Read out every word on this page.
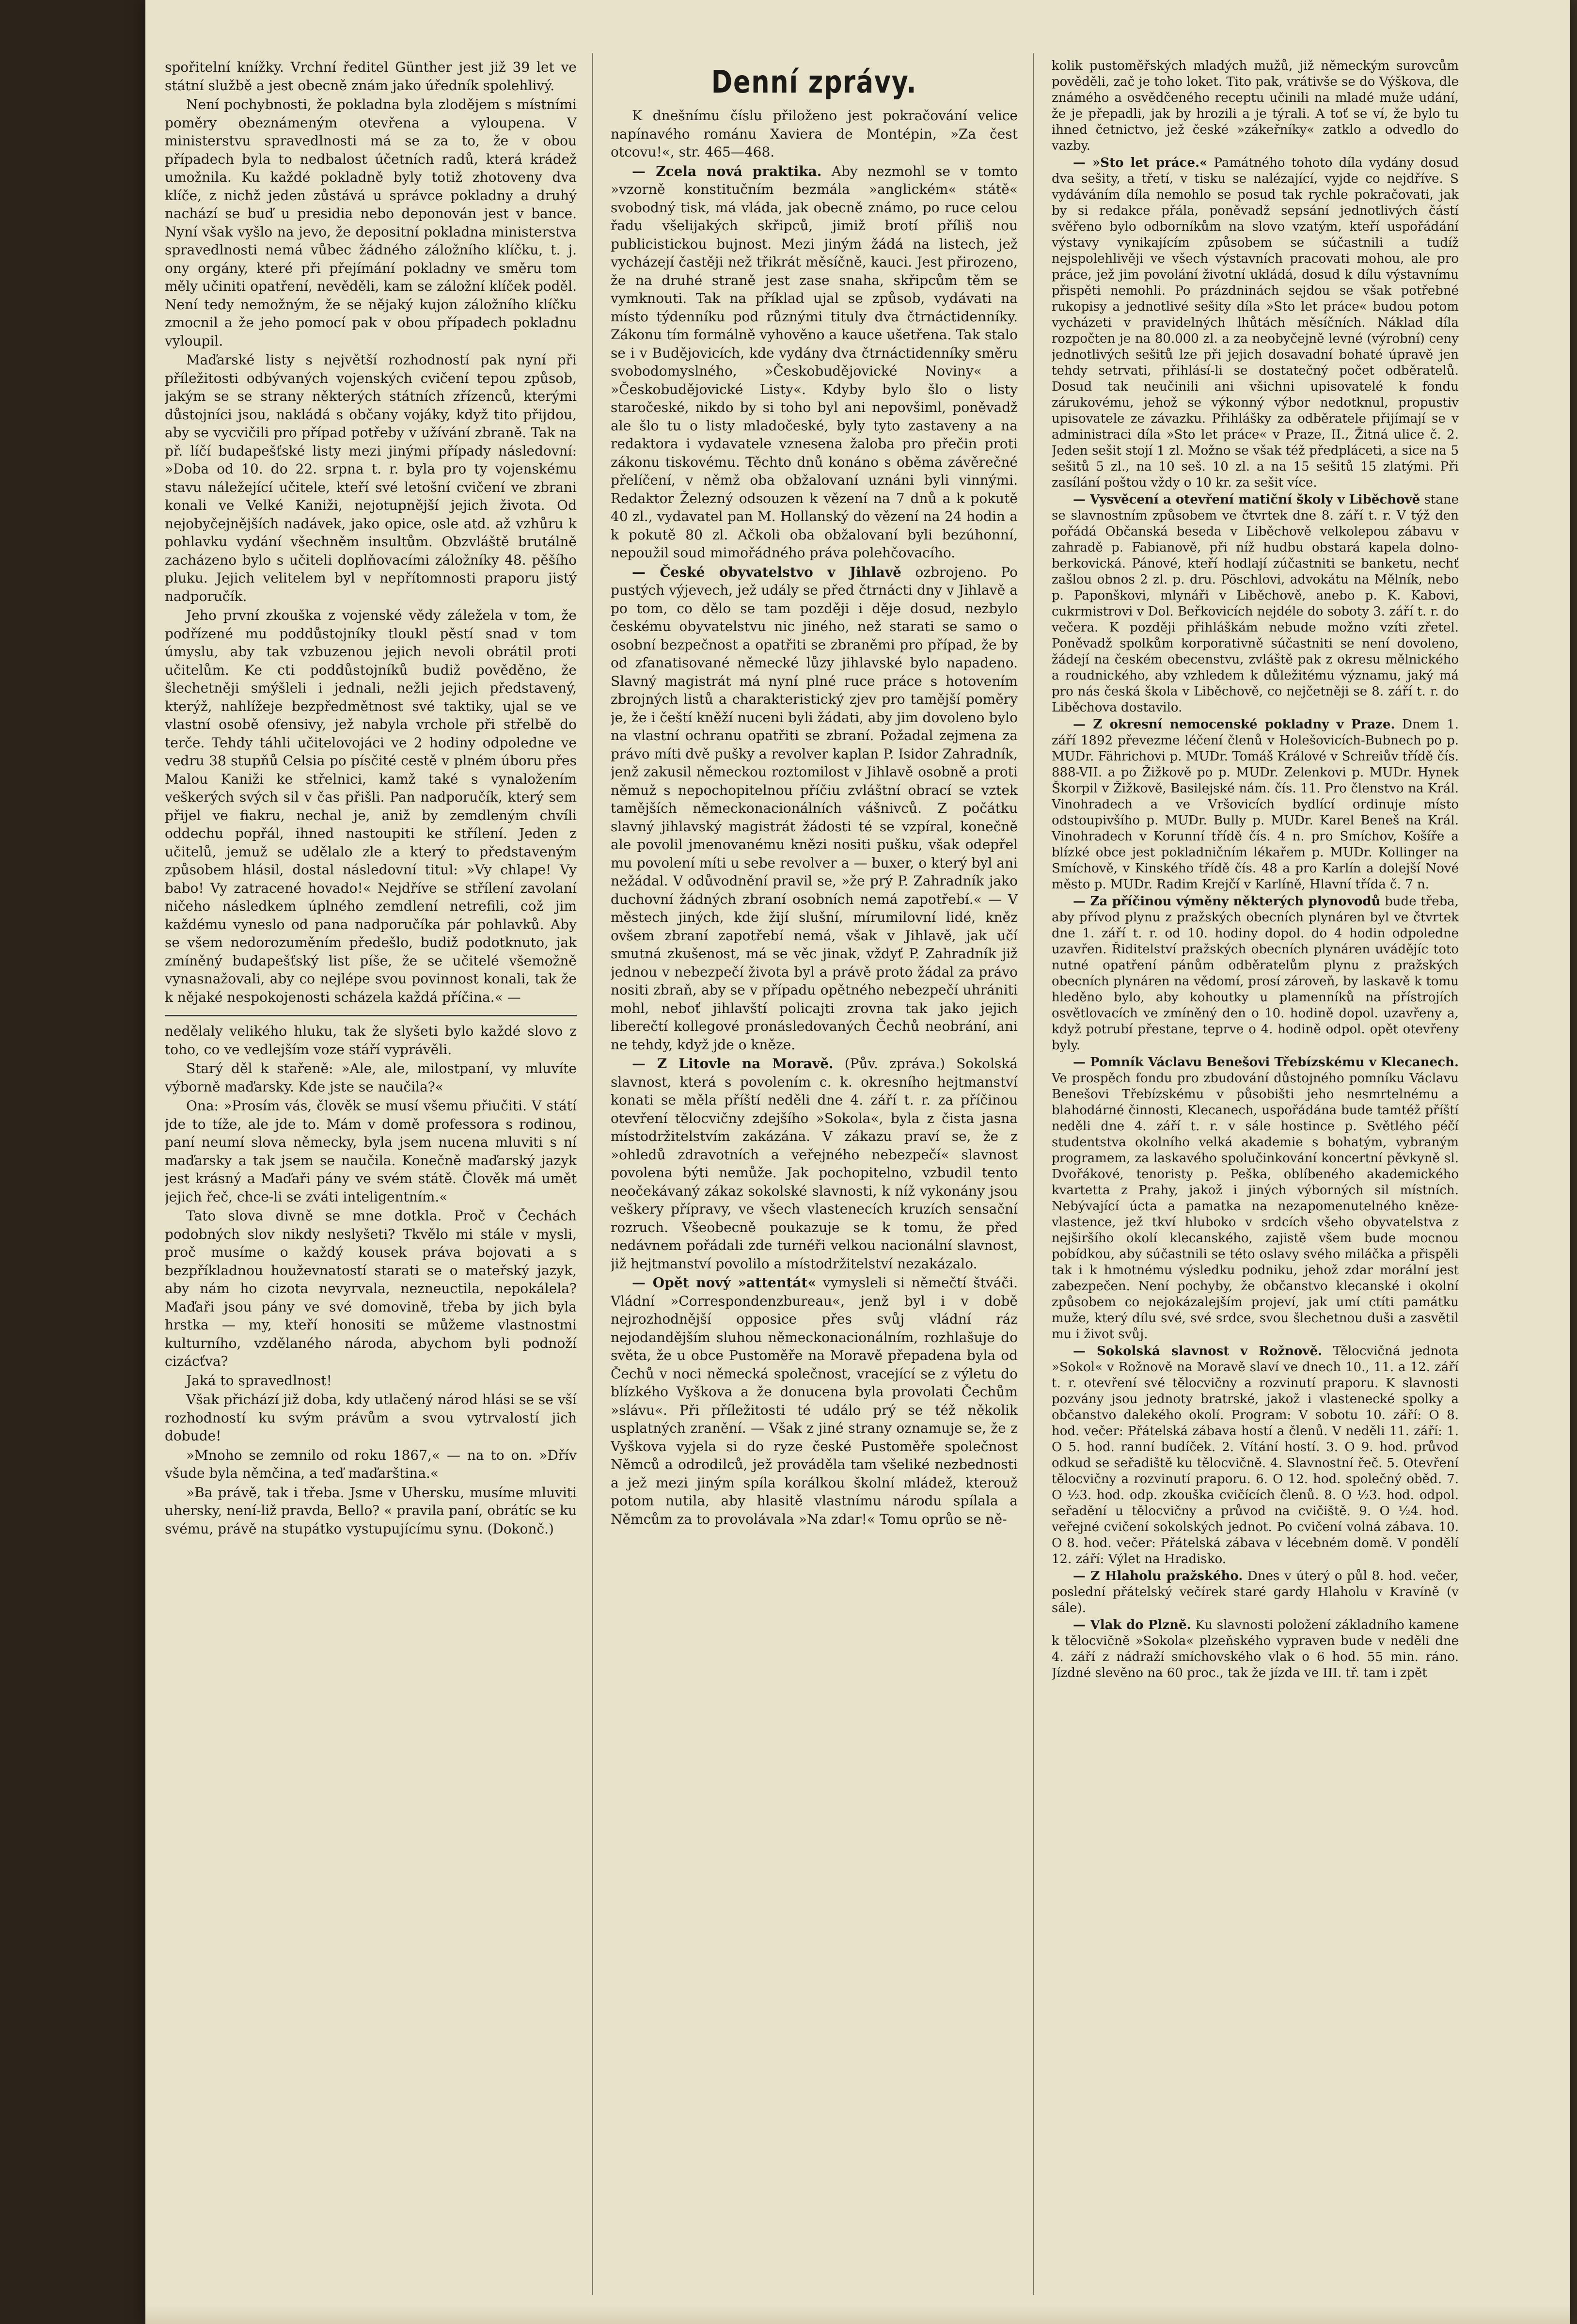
spořitelní knížky. Vrchní ředitel Günther jest již 39 let ve státní službě a jest obecně znám jako úředník spolehlivý.

Není pochybnosti, že pokladna byla zlodějem s místními poměry obeznámeným otevřena a vyloupena. V ministerstvu spravedlnosti má se za to, že v obou případech byla to nedbalost účetních radů, která krádež umožnila. Ku každé pokladně byly totiž zhotoveny dva klíče, z nichž jeden zůstává u správce pokladny a druhý nachází se buď u presidia nebo deponován jest v bance. Nyní však vyšlo na jevo, že depositní pokladna ministerstva spravedlnosti nemá vůbec žádného záložního klíčku, t. j. ony orgány, které při přejímání pokladny ve směru tom měly učiniti opatření, nevěděli, kam se záložní klíček poděl. Není tedy nemožným, že se nějaký kujon záložního klíčku zmocnil a že jeho pomocí pak v obou případech pokladnu vyloupil.

Maďarské listy s největší rozhodností pak nyní při příležitosti odbývaných vojenských cvičení tepou způsob, jakým se se strany některých státních zřízenců, kterými důstojníci jsou, nakládá s občany vojáky, když tito přijdou, aby se vycvičili pro případ potřeby v užívání zbraně. Tak na př. líčí budapešťské listy mezi jinými případy následovní: »Doba od 10. do 22. srpna t. r. byla pro ty vojenskému stavu náležející učitele, kteří své letošní cvičení ve zbrani konali ve Velké Kaniži, nejotupnější jejich života. Od nejobyčejnějších nadávek, jako opice, osle atd. až vzhůru k pohlavku vydání všechněm insultům. Obzvláště brutálně zacházeno bylo s učiteli doplňovacími záložníky 48. pěšího pluku. Jejich velitelem byl v nepřítomnosti praporu jistý nadporučík.

Jeho první zkouška z vojenské vědy záležela v tom, že podřízené mu poddůstojníky tloukl pěstí snad v tom úmyslu, aby tak vzbuzenou jejich nevoli obrátil proti učitelům. Ke cti poddůstojníků budiž pověděno, že šlechetněji smýšleli i jednali, nežli jejich představený, kterýž, nahlížeje bezpředmětnost své taktiky, ujal se ve vlastní osobě ofensivy, jež nabyla vrchole při střelbě do terče. Tehdy táhli učitelovojáci ve 2 hodiny odpoledne ve vedru 38 stupňů Celsia po písčité cestě v plném úboru přes Malou Kaniži ke střelnici, kamž také s vynaložením veškerých svých sil v čas přišli. Pan nadporučík, který sem přijel ve fiakru, nechal je, aniž by zemdleným chvíli oddechu popřál, ihned nastoupiti ke střílení. Jeden z učitelů, jemuž se udělalo zle a který to představeným způsobem hlásil, dostal následovní titul: »Vy chlape! Vy babo! Vy zatracené hovado!« Nejdříve se střílení zavolaní ničeho následkem úplného zemdlení netrefili, což jim každému vyneslo od pana nadporučíka pár pohlavků. Aby se všem nedorozuměním předešlo, budiž podotknuto, jak zmíněný budapešťský list píše, že se učitelé všemožně vynasnažovali, aby co nejlépe svou povinnost konali, tak že k nějaké nespokojenosti scházela každá příčina.« —

nedělaly velikého hluku, tak že slyšeti bylo každé slovo z toho, co ve vedlejším voze stáří vyprávěli.

Starý děl k stařeně: »Ale, ale, milostpaní, vy mluvíte výborně maďarsky. Kde jste se naučila?«

Ona: »Prosím vás, člověk se musí všemu přiučiti. V státí jde to tíže, ale jde to. Mám v domě professora s rodinou, paní neumí slova německy, byla jsem nucena mluviti s ní maďarsky a tak jsem se naučila. Konečně maďarský jazyk jest krásný a Maďaři pány ve svém státě. Člověk má umět jejich řeč, chce-li se zváti inteligentním.«

Tato slova divně se mne dotkla. Proč v Čechách podobných slov nikdy neslyšeti? Tkvělo mi stále v mysli, proč musíme o každý kousek práva bojovati a s bezpříkladnou houževnatostí starati se o mateřský jazyk, aby nám ho cizota nevyrvala, nezneuctila, nepokálela? Maďaři jsou pány ve své domovině, třeba by jich byla hrstka — my, kteří honositi se můžeme vlastnostmi kulturního, vzdělaného národa, abychom byli podnoží cizácťva?

Jaká to spravedlnost!

Však přichází již doba, kdy utlačený národ hlási se se vší rozhodností ku svým právům a svou vytrvalostí jich dobude!

»Mnoho se zemnilo od roku 1867,« — na to on. »Dřív všude byla němčina, a teď maďarština.«

»Ba právě, tak i třeba. Jsme v Uhersku, musíme mluviti uhersky, není-liž pravda, Bello? « pravila paní, obrátíc se ku svému, právě na stupátko vystupujícímu synu. (Dokonč.)

Denní zprávy.

K dnešnímu číslu přiloženo jest pokračování velice napínavého románu Xaviera de Montépin, »Za čest otcovu!«, str. 465—468.

— Zcela nová praktika. Aby nezmohl se v tomto »vzorně konstitučním bezmála »anglickém« státě« svobodný tisk, má vláda, jak obecně známo, po ruce celou řadu všelijakých skřipců, jimiž brotí příliš nou publicistickou bujnost. Mezi jiným žádá na listech, jež vycházejí častěji než třikrát měsíčně, kauci. Jest přirozeno, že na druhé straně jest zase snaha, skřipcům těm se vymknouti. Tak na příklad ujal se způsob, vydávati na místo týdenníku pod různými tituly dva čtrnáctidenníky. Zákonu tím formálně vyhověno a kauce ušetřena. Tak stalo se i v Budějovicích, kde vydány dva čtrnáctidenníky směru svobodomyslného, »Českobudějovické Noviny« a »Českobudějovické Listy«. Kdyby bylo šlo o listy staročeské, nikdo by si toho byl ani nepovšiml, poněvadž ale šlo tu o listy mladočeské, byly tyto zastaveny a na redaktora i vydavatele vznesena žaloba pro přečin proti zákonu tiskovému. Těchto dnů konáno s oběma závěrečné přelíčení, v němž oba obžalovaní uznáni byli vinnými. Redaktor Železný odsouzen k vězení na 7 dnů a k pokutě 40 zl., vydavatel pan M. Hollanský do vězení na 24 hodin a k pokutě 80 zl. Ačkoli oba obžalovaní byli bezúhonní, nepoužil soud mimořádného práva polehčovacího.

— České obyvatelstvo v Jihlavě ozbrojeno. Po pustých výjevech, jež udály se před čtrnácti dny v Jihlavě a po tom, co dělo se tam později i děje dosud, nezbylo českému obyvatelstvu nic jiného, než starati se samo o osobní bezpečnost a opatřiti se zbraněmi pro případ, že by od zfanatisované německé lůzy jihlavské bylo napadeno. Slavný magistrát má nyní plné ruce práce s hotovením zbrojných listů a charakteristický zjev pro tamější poměry je, že i čeští kněží nuceni byli žádati, aby jim dovoleno bylo na vlastní ochranu opatřiti se zbraní. Požadal zejmena za právo míti dvě pušky a revolver kaplan P. Isidor Zahradník, jenž zakusil německou roztomilost v Jihlavě osobně a proti němuž s nepochopitelnou příčiu zvláštní obrací se vztek tamějších německonacionálních vášnivců. Z počátku slavný jihlavský magistrát žádosti té se vzpíral, konečně ale povolil jmenovanému knězi nositi pušku, však odepřel mu povolení míti u sebe revolver a — buxer, o který byl ani nežádal. V odůvodnění pravil se, »že prý P. Zahradník jako duchovní žádných zbraní osobních nemá zapotřebí.« — V městech jiných, kde žijí slušní, mírumilovní lidé, kněz ovšem zbraní zapotřebí nemá, však v Jihlavě, jak učí smutná zkušenost, má se věc jinak, vždyť P. Zahradník již jednou v nebezpečí života byl a právě proto žádal za právo nositi zbraň, aby se v případu opětného nebezpečí uhrániti mohl, neboť jihlavští policajti zrovna tak jako jejich liberečtí kollegové pronásledovaných Čechů neobrání, ani ne tehdy, když jde o kněze.

— Z Litovle na Moravě. (Pův. zpráva.) Sokolská slavnost, která s povolením c. k. okresního hejtmanství konati se měla příští neděli dne 4. září t. r. za příčinou otevření tělocvičny zdejšího »Sokola«, byla z čista jasna místodržitelstvím zakázána. V zákazu praví se, že z »ohledů zdravotních a veřejného nebezpečí« slavnost povolena býti nemůže. Jak pochopitelno, vzbudil tento neočekávaný zákaz sokolské slavnosti, k níž vykonány jsou veškery přípravy, ve všech vlastenecích kruzích sensační rozruch. Všeobecně poukazuje se k tomu, že před nedávnem pořádali zde turnéři velkou nacionální slavnost, již hejtmanství povolilo a místodržitelství nezakázalo.

— Opět nový »attentát« vymysleli si němečtí štváči. Vládní »Correspondenzbureau«, jenž byl i v době nejrozhodnější opposice přes svůj vládní ráz nejodandějším sluhou německonacionálním, rozhlašuje do světa, že u obce Pustoměře na Moravě přepadena byla od Čechů v noci německá společnost, vracející se z výletu do blízkého Vyškova a že donucena byla provolati Čechům »slávu«. Při příležitosti té událo prý se též několik usplatných zranění. — Však z jiné strany oznamuje se, že z Vyškova vyjela si do ryze české Pustoměře společnost Němců a odrodilců, jež prováděla tam všeliké nezbednosti a jež mezi jiným spíla korálkou školní mládež, kterouž potom nutila, aby hlasitě vlastnímu národu spílala a Němcům za to provolávala »Na zdar!« Tomu oprůo se ně-

kolik pustoměřských mladých mužů, již německým surovcům pověděli, zač je toho loket. Tito pak, vrátivše se do Výškova, dle známého a osvědčeného receptu učinili na mladé muže udání, že je přepadli, jak by hrozili a je týrali. A toť se ví, že bylo tu ihned četnictvo, jež české »zákeřníky« zatklo a odvedlo do vazby.

— »Sto let práce.« Památného tohoto díla vydány dosud dva sešity, a třetí, v tisku se nalézající, vyjde co nejdříve. S vydáváním díla nemohlo se posud tak rychle pokračovati, jak by si redakce přála, poněvadž sepsání jednotlivých částí svěřeno bylo odborníkům na slovo vzatým, kteří uspořádání výstavy vynikajícím způsobem se súčastnili a tudíž nejspolehlivěji ve všech výstavních pracovati mohou, ale pro práce, jež jim povolání životní ukládá, dosud k dílu výstavnímu přispěti nemohli. Po prázdninách sejdou se však potřebné rukopisy a jednotlivé sešity díla »Sto let práce« budou potom vycházeti v pravidelných lhůtách měsíčních. Náklad díla rozpočten je na 80.000 zl. a za neobyčejně levné (výrobní) ceny jednotlivých sešitů lze při jejich dosavadní bohaté úpravě jen tehdy setrvati, přihlásí-li se dostatečný počet odběratelů. Dosud tak neučinili ani všichni upisovatelé k fondu zárukovému, jehož se výkonný výbor nedotknul, propustiv upisovatele ze závazku. Přihlášky za odběratele přijímají se v administraci díla »Sto let práce« v Praze, II., Žitná ulice č. 2. Jeden sešit stojí 1 zl. Možno se však též předpláceti, a sice na 5 sešitů 5 zl., na 10 seš. 10 zl. a na 15 sešitů 15 zlatými. Při zasílání poštou vždy o 10 kr. za sešit více.

— Vysvěcení a otevření matiční školy v Liběchově stane se slavnostním způsobem ve čtvrtek dne 8. září t. r. V týž den pořádá Občanská beseda v Liběchově velkolepou zábavu v zahradě p. Fabianově, při níž hudbu obstará kapela dolno-berkovická. Pánové, kteří hodlají zúčastniti se banketu, nechť zašlou obnos 2 zl. p. dru. Pöschlovi, advokátu na Mělník, nebo p. Paponškovi, mlynáři v Liběchově, anebo p. K. Kabovi, cukrmistrovi v Dol. Beřkovicích nejdéle do soboty 3. září t. r. do večera. K později přihláškám nebude možno vzíti zřetel. Poněvadž spolkům korporativně súčastniti se není dovoleno, žádejí na českém obecenstvu, zvláště pak z okresu mělnického a roudnického, aby vzhledem k důležitému významu, jaký má pro nás česká škola v Liběchově, co nejčetněji se 8. září t. r. do Liběchova dostavilo.

— Z okresní nemocenské pokladny v Praze. Dnem 1. září 1892 převezme léčení členů v Holešovicích-Bubnech po p. MUDr. Fährichovi p. MUDr. Tomáš Králové v Schreiův třídě čís. 888-VII. a po Žižkově po p. MUDr. Zelenkovi p. MUDr. Hynek Škorpil v Žižkově, Basilejské nám. čís. 11. Pro členstvo na Král. Vinohradech a ve Vršovicích bydlící ordinuje místo odstoupivšího p. MUDr. Bully p. MUDr. Karel Beneš na Král. Vinohradech v Korunní třídě čís. 4 n. pro Smíchov, Košíře a blízké obce jest pokladničním lékařem p. MUDr. Kollinger na Smíchově, v Kinského třídě čís. 48 a pro Karlín a dolejší Nové město p. MUDr. Radim Krejčí v Karlíně, Hlavní třída č. 7 n.

— Za příčinou výměny některých plynovodů bude třeba, aby přívod plynu z pražských obecních plynáren byl ve čtvrtek dne 1. září t. r. od 10. hodiny dopol. do 4 hodin odpoledne uzavřen. Řiditelství pražských obecních plynáren uvádějíc toto nutné opatření pánům odběratelům plynu z pražských obecních plynáren na vědomí, prosí zároveň, by laskavě k tomu hleděno bylo, aby kohoutky u plamenníků na přístrojích osvětlovacích ve zmíněný den o 10. hodině dopol. uzavřeny a, když potrubí přestane, teprve o 4. hodině odpol. opět otevřeny byly.

— Pomník Václavu Benešovi Třebízskému v Klecanech. Ve prospěch fondu pro zbudování důstojného pomníku Václavu Benešovi Třebízskému v působišti jeho nesmrtelnému a blahodárné činnosti, Klecanech, uspořádána bude tamtéž příští neděli dne 4. září t. r. v sále hostince p. Světlého péčí studentstva okolního velká akademie s bohatým, vybraným programem, za laskavého spolučinkování koncertní pěvkyně sl. Dvořákové, tenoristy p. Peška, oblíbeného akademického kvartetta z Prahy, jakož i jiných výborných sil místních. Nebývající úcta a pamatka na nezapomenutelného kněze-vlastence, jež tkví hluboko v srdcích všeho obyvatelstva z nejširšího okolí klecanského, zajistě všem bude mocnou pobídkou, aby súčastnili se této oslavy svého miláčka a přispěli tak i k hmotnému výsledku podniku, jehož zdar morální jest zabezpečen. Není pochyby, že občanstvo klecanské i okolní způsobem co nejokázalejším projeví, jak umí ctíti památku muže, který dílu své, své srdce, svou šlechetnou duši a zasvětil mu i život svůj.

— Sokolská slavnost v Rožnově. Tělocvičná jednota »Sokol« v Rožnově na Moravě slaví ve dnech 10., 11. a 12. září t. r. otevření své tělocvičny a rozvinutí praporu. K slavnosti pozvány jsou jednoty bratrské, jakož i vlastenecké spolky a občanstvo dalekého okolí. Program: V sobotu 10. září: O 8. hod. večer: Přátelská zábava hostí a členů. V neděli 11. září: 1. O 5. hod. ranní budíček. 2. Vítání hostí. 3. O 9. hod. průvod odkud se seřadiště ku tělocvičně. 4. Slavnostní řeč. 5. Otevření tělocvičny a rozvinutí praporu. 6. O 12. hod. společný oběd. 7. O ½3. hod. odp. zkouška cvičících členů. 8. O ½3. hod. odpol. seřadění u tělocvičny a průvod na cvičiště. 9. O ½4. hod. veřejné cvičení sokolských jednot. Po cvičení volná zábava. 10. O 8. hod. večer: Přátelská zábava v lécebném domě. V pondělí 12. září: Výlet na Hradisko.

— Z Hlaholu pražského. Dnes v úterý o půl 8. hod. večer, poslední přátelský večírek staré gardy Hlaholu v Kravíně (v sále).

— Vlak do Plzně. Ku slavnosti položení základního kamene k tělocvičně »Sokola« plzeňského vypraven bude v neděli dne 4. září z nádraží smíchovského vlak o 6 hod. 55 min. ráno. Jízdné slevěno na 60 proc., tak že jízda ve III. tř. tam i zpět
